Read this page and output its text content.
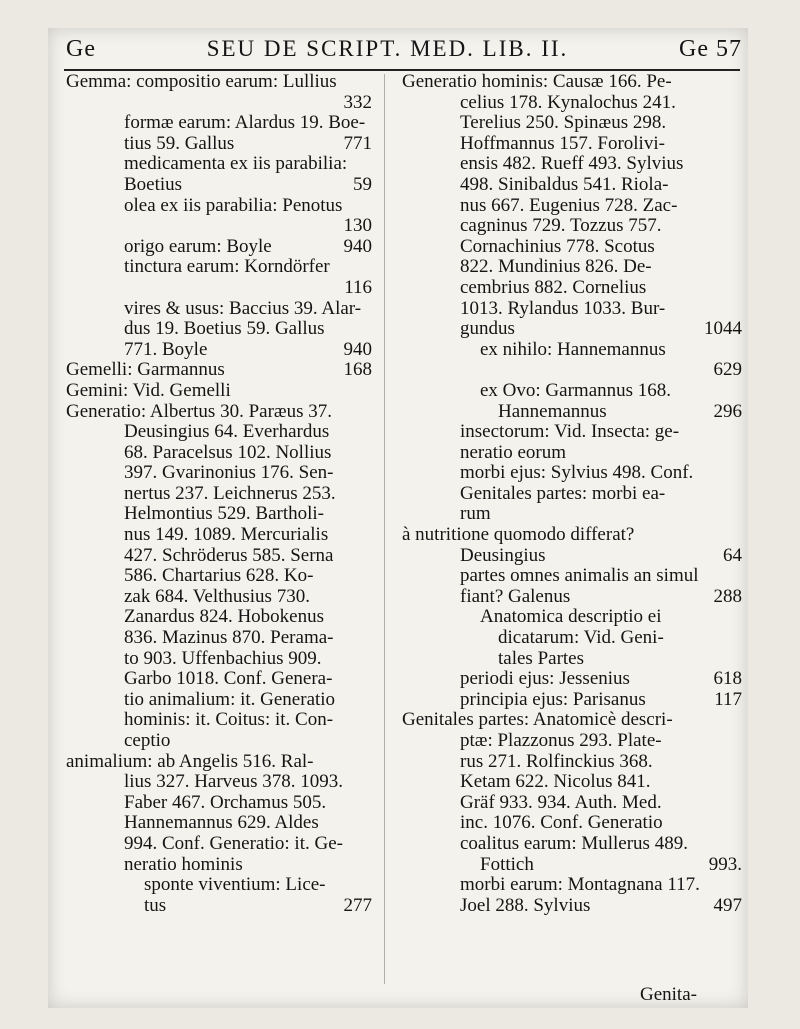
Ge	SEU DE SCRIPT. MED. LIB. II.	Ge 57
Gemma: compositio earum: Lullius
332
formæ earum: Alardus 19. Boe-
tius 59. Gallus	771
medicamenta ex iis parabilia:
Boetius	59
olea ex iis parabilia: Penotus
130
origo earum: Boyle	940
tinctura earum: Korndörfer
116
vires & usus: Baccius 39. Alar-
dus 19. Boetius 59. Gallus
771. Boyle	940
Gemelli: Garmannus	168
Gemini: Vid. Gemelli
Generatio: Albertus 30. Paræus 37.
Deusingius 64. Everhardus
68. Paracelsus 102. Nollius
397. Gvarinonius 176. Sen-
nertus 237. Leichnerus 253.
Helmontius 529. Bartholi-
nus 149. 1089. Mercurialis
427. Schröderus 585. Serna
586. Chartarius 628. Ko-
zak 684. Velthusius 730.
Zanardus 824. Hobokenus
836. Mazinus 870. Perama-
to 903. Uffenbachius 909.
Garbo 1018. Conf. Genera-
tio animalium: it. Generatio
hominis: it. Coitus: it. Con-
ceptio
animalium: ab Angelis 516. Ral-
lius 327. Harveus 378. 1093.
Faber 467. Orchamus 505.
Hannemannus 629. Aldes
994. Conf. Generatio: it. Ge-
neratio hominis
sponte viventium: Lice-
tus	277
Generatio hominis: Causæ 166. Pe-
celius 178. Kynalochus 241.
Terelius 250. Spinæus 298.
Hoffmannus 157. Forolivi-
ensis 482. Rueff 493. Sylvius
498. Sinibaldus 541. Riola-
nus 667. Eugenius 728. Zac-
cagninus 729. Tozzus 757.
Cornachinius 778. Scotus
822. Mundinius 826. De-
cembrius 882. Cornelius
1013. Rylandus 1033. Bur-
gundus	1044
ex nihilo: Hannemannus
629
ex Ovo: Garmannus 168.
Hannemannus	296
insectorum: Vid. Insecta: ge-
neratio eorum
morbi ejus: Sylvius 498. Conf.
Genitales partes: morbi ea-
rum
à nutritione quomodo differat?
Deusingius	64
partes omnes animalis an simul
fiant? Galenus	288
Anatomica descriptio ei
dicatarum: Vid. Geni-
tales Partes
periodi ejus: Jessenius	618
principia ejus: Parisanus	117
Genitales partes: Anatomicè descri-
ptæ: Plazzonus 293. Plate-
rus 271. Rolfinckius 368.
Ketam 622. Nicolus 841.
Gräf 933. 934. Auth. Med.
inc. 1076. Conf. Generatio
coalitus earum: Mullerus 489.
Fottich	993.
morbi earum: Montagnana 117.
Joel 288. Sylvius	497
Genita-
